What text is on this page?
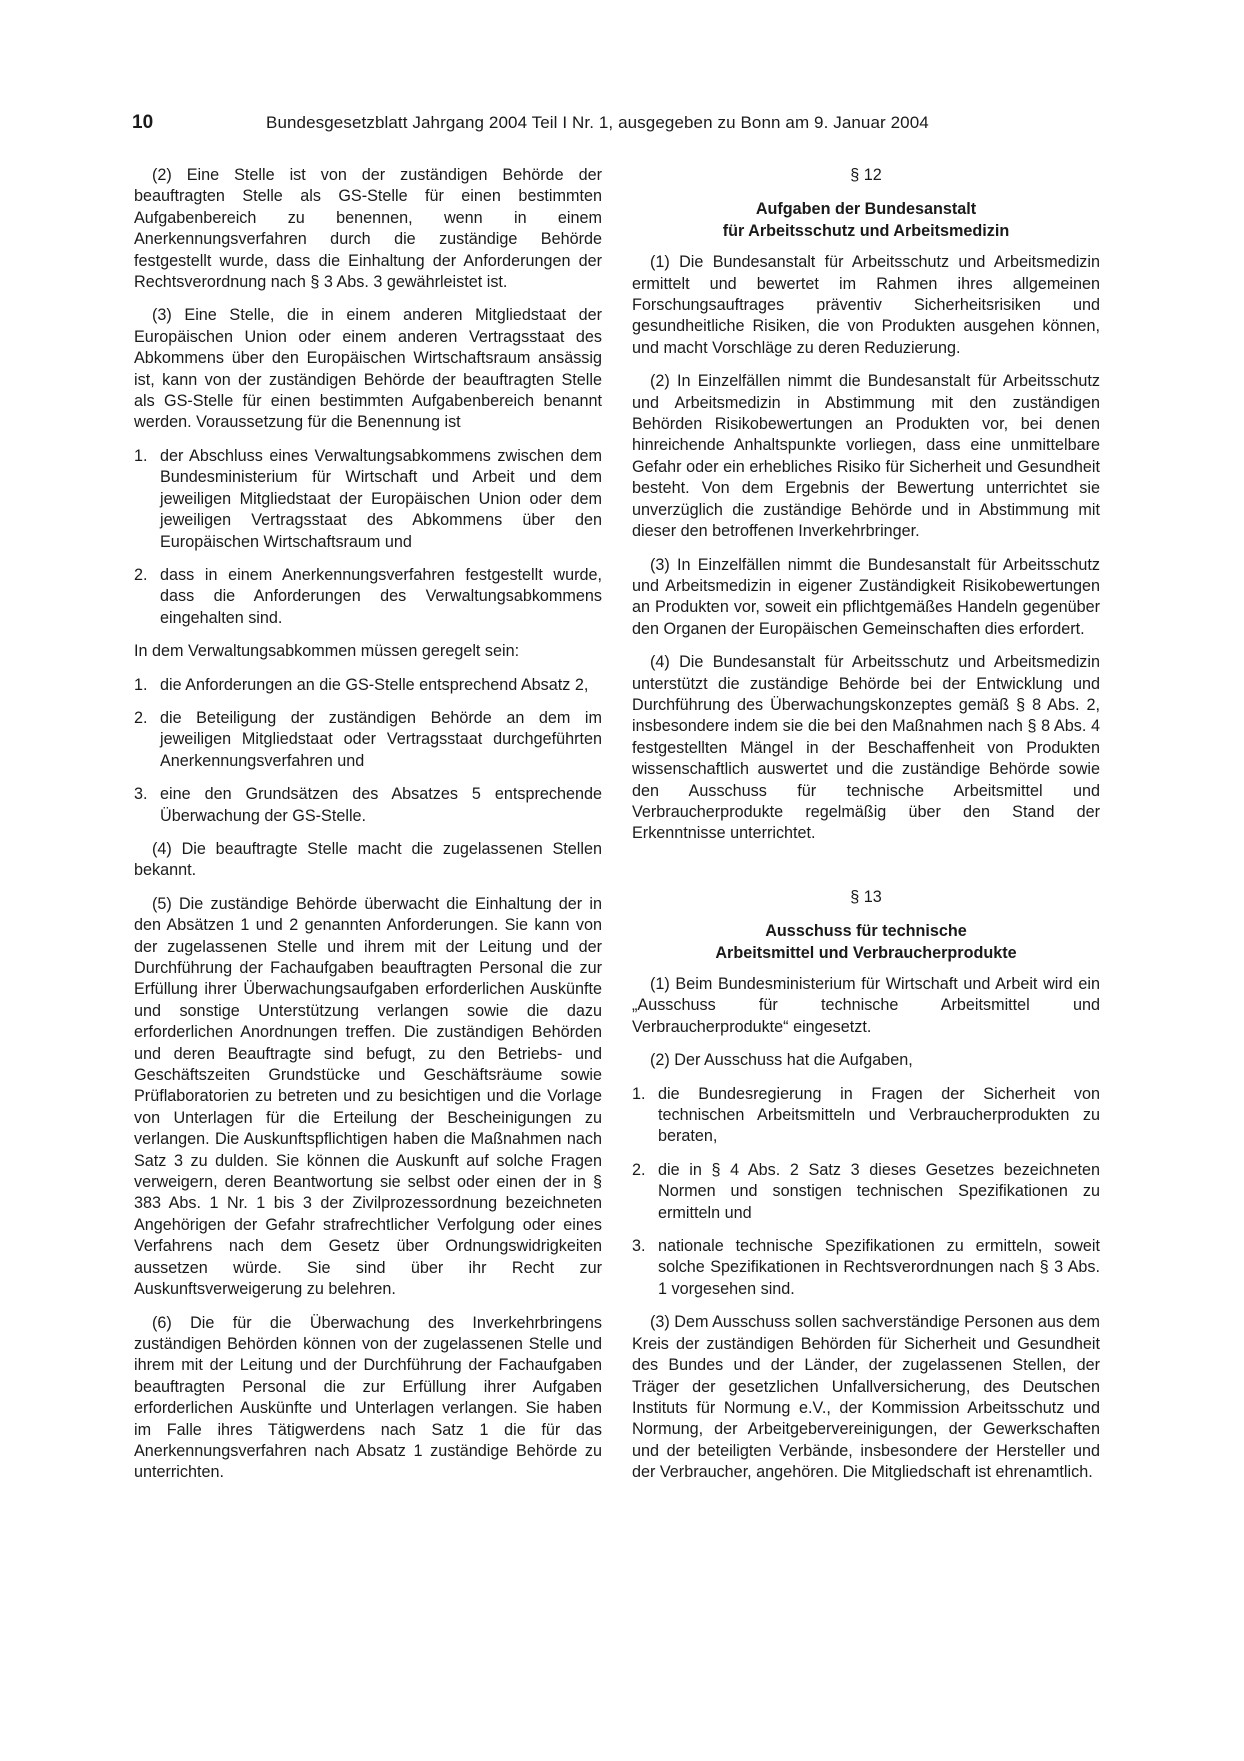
10	Bundesgesetzblatt Jahrgang 2004 Teil I Nr. 1, ausgegeben zu Bonn am 9. Januar 2004

(2) Eine Stelle ist von der zuständigen Behörde der beauftragten Stelle als GS-Stelle für einen bestimmten Aufgabenbereich zu benennen, wenn in einem Anerkennungsverfahren durch die zuständige Behörde festgestellt wurde, dass die Einhaltung der Anforderungen der Rechtsverordnung nach § 3 Abs. 3 gewährleistet ist.

(3) Eine Stelle, die in einem anderen Mitgliedstaat der Europäischen Union oder einem anderen Vertragsstaat des Abkommens über den Europäischen Wirtschaftsraum ansässig ist, kann von der zuständigen Behörde der beauftragten Stelle als GS-Stelle für einen bestimmten Aufgabenbereich benannt werden. Voraussetzung für die Benennung ist

1. der Abschluss eines Verwaltungsabkommens zwischen dem Bundesministerium für Wirtschaft und Arbeit und dem jeweiligen Mitgliedstaat der Europäischen Union oder dem jeweiligen Vertragsstaat des Abkommens über den Europäischen Wirtschaftsraum und
2. dass in einem Anerkennungsverfahren festgestellt wurde, dass die Anforderungen des Verwaltungsabkommens eingehalten sind.

In dem Verwaltungsabkommen müssen geregelt sein:

1. die Anforderungen an die GS-Stelle entsprechend Absatz 2,
2. die Beteiligung der zuständigen Behörde an dem im jeweiligen Mitgliedstaat oder Vertragsstaat durchgeführten Anerkennungsverfahren und
3. eine den Grundsätzen des Absatzes 5 entsprechende Überwachung der GS-Stelle.

(4) Die beauftragte Stelle macht die zugelassenen Stellen bekannt.

(5) Die zuständige Behörde überwacht die Einhaltung der in den Absätzen 1 und 2 genannten Anforderungen. Sie kann von der zugelassenen Stelle und ihrem mit der Leitung und der Durchführung der Fachaufgaben beauftragten Personal die zur Erfüllung ihrer Überwachungsaufgaben erforderlichen Auskünfte und sonstige Unterstützung verlangen sowie die dazu erforderlichen Anordnungen treffen. Die zuständigen Behörden und deren Beauftragte sind befugt, zu den Betriebs- und Geschäftszeiten Grundstücke und Geschäftsräume sowie Prüflaboratorien zu betreten und zu besichtigen und die Vorlage von Unterlagen für die Erteilung der Bescheinigungen zu verlangen. Die Auskunftspflichtigen haben die Maßnahmen nach Satz 3 zu dulden. Sie können die Auskunft auf solche Fragen verweigern, deren Beantwortung sie selbst oder einen der in § 383 Abs. 1 Nr. 1 bis 3 der Zivilprozessordnung bezeichneten Angehörigen der Gefahr strafrechtlicher Verfolgung oder eines Verfahrens nach dem Gesetz über Ordnungswidrigkeiten aussetzen würde. Sie sind über ihr Recht zur Auskunftsverweigerung zu belehren.

(6) Die für die Überwachung des Inverkehrbringens zuständigen Behörden können von der zugelassenen Stelle und ihrem mit der Leitung und der Durchführung der Fachaufgaben beauftragten Personal die zur Erfüllung ihrer Aufgaben erforderlichen Auskünfte und Unterlagen verlangen. Sie haben im Falle ihres Tätigwerdens nach Satz 1 die für das Anerkennungsverfahren nach Absatz 1 zuständige Behörde zu unterrichten.

§ 12
Aufgaben der Bundesanstalt
für Arbeitsschutz und Arbeitsmedizin

(1) Die Bundesanstalt für Arbeitsschutz und Arbeitsmedizin ermittelt und bewertet im Rahmen ihres allgemeinen Forschungsauftrages präventiv Sicherheitsrisiken und gesundheitliche Risiken, die von Produkten ausgehen können, und macht Vorschläge zu deren Reduzierung.

(2) In Einzelfällen nimmt die Bundesanstalt für Arbeitsschutz und Arbeitsmedizin in Abstimmung mit den zuständigen Behörden Risikobewertungen an Produkten vor, bei denen hinreichende Anhaltspunkte vorliegen, dass eine unmittelbare Gefahr oder ein erhebliches Risiko für Sicherheit und Gesundheit besteht. Von dem Ergebnis der Bewertung unterrichtet sie unverzüglich die zuständige Behörde und in Abstimmung mit dieser den betroffenen Inverkehrbringer.

(3) In Einzelfällen nimmt die Bundesanstalt für Arbeitsschutz und Arbeitsmedizin in eigener Zuständigkeit Risikobewertungen an Produkten vor, soweit ein pflichtgemäßes Handeln gegenüber den Organen der Europäischen Gemeinschaften dies erfordert.

(4) Die Bundesanstalt für Arbeitsschutz und Arbeitsmedizin unterstützt die zuständige Behörde bei der Entwicklung und Durchführung des Überwachungskonzeptes gemäß § 8 Abs. 2, insbesondere indem sie die bei den Maßnahmen nach § 8 Abs. 4 festgestellten Mängel in der Beschaffenheit von Produkten wissenschaftlich auswertet und die zuständige Behörde sowie den Ausschuss für technische Arbeitsmittel und Verbraucherprodukte regelmäßig über den Stand der Erkenntnisse unterrichtet.

§ 13
Ausschuss für technische
Arbeitsmittel und Verbraucherprodukte

(1) Beim Bundesministerium für Wirtschaft und Arbeit wird ein „Ausschuss für technische Arbeitsmittel und Verbraucherprodukte“ eingesetzt.

(2) Der Ausschuss hat die Aufgaben,

1. die Bundesregierung in Fragen der Sicherheit von technischen Arbeitsmitteln und Verbraucherprodukten zu beraten,
2. die in § 4 Abs. 2 Satz 3 dieses Gesetzes bezeichneten Normen und sonstigen technischen Spezifikationen zu ermitteln und
3. nationale technische Spezifikationen zu ermitteln, soweit solche Spezifikationen in Rechtsverordnungen nach § 3 Abs. 1 vorgesehen sind.

(3) Dem Ausschuss sollen sachverständige Personen aus dem Kreis der zuständigen Behörden für Sicherheit und Gesundheit des Bundes und der Länder, der zugelassenen Stellen, der Träger der gesetzlichen Unfallversicherung, des Deutschen Instituts für Normung e.V., der Kommission Arbeitsschutz und Normung, der Arbeitgebervereinigungen, der Gewerkschaften und der beteiligten Verbände, insbesondere der Hersteller und der Verbraucher, angehören. Die Mitgliedschaft ist ehrenamtlich.
